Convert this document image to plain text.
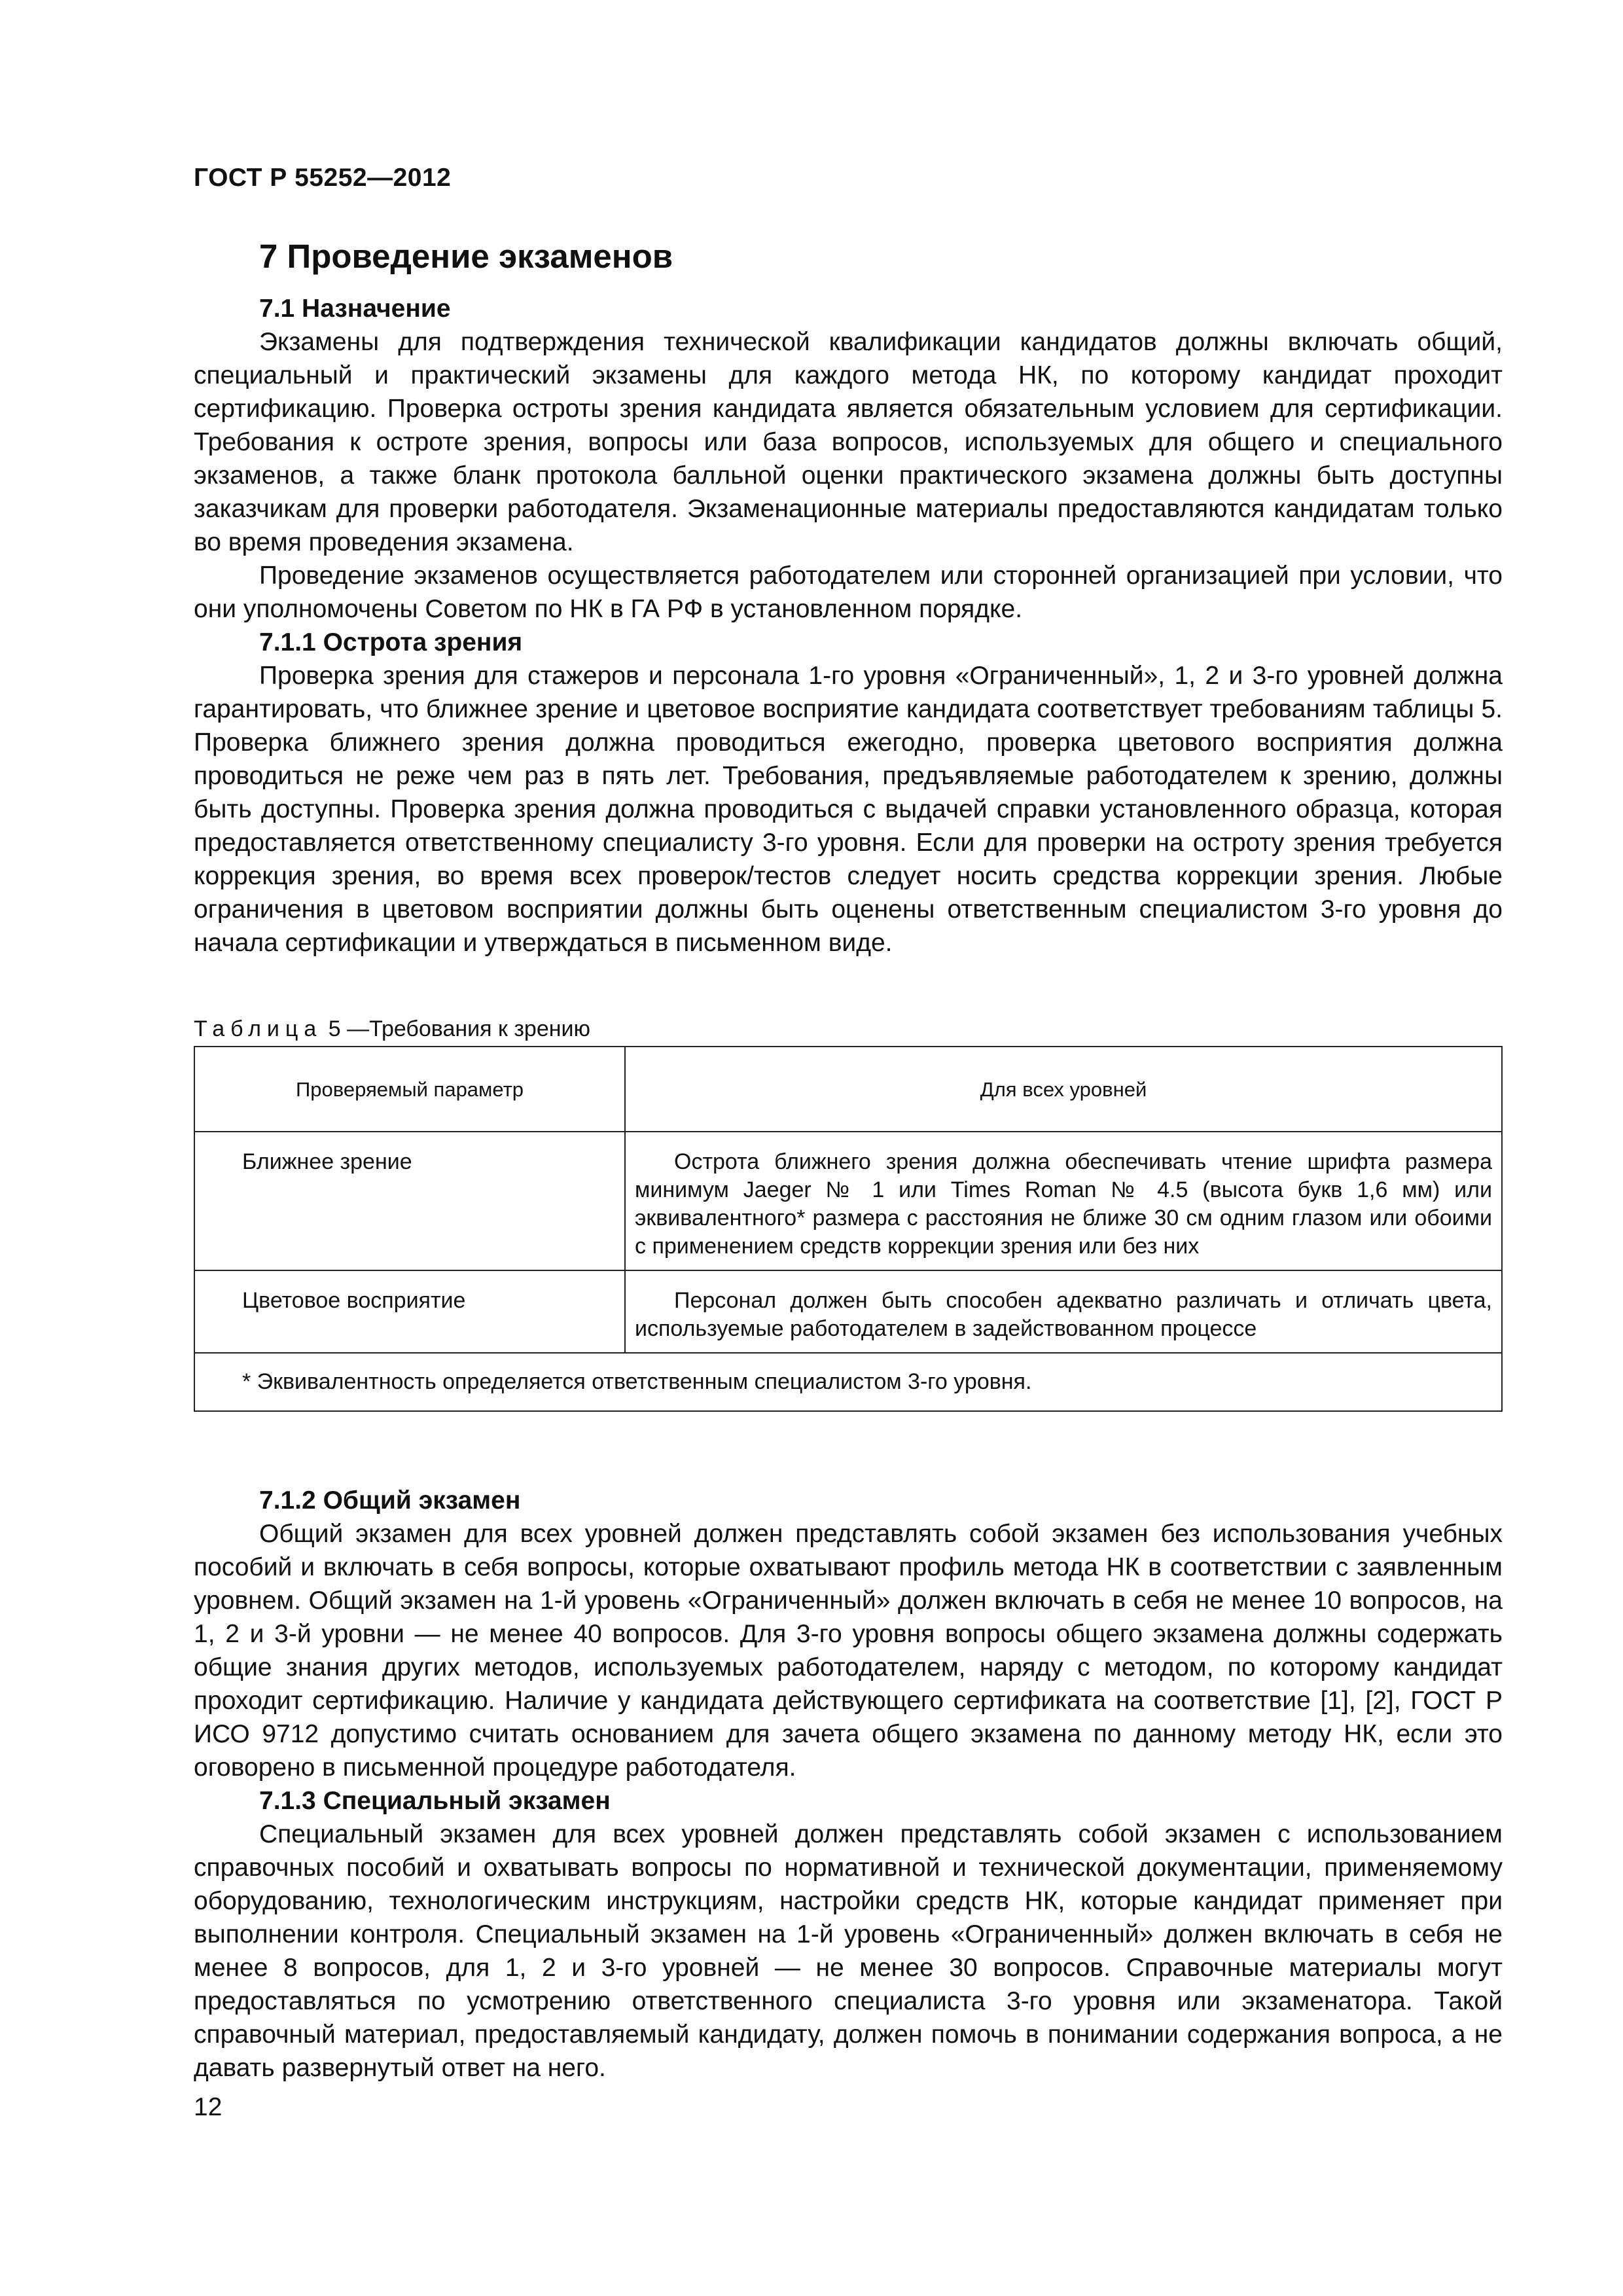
ГОСТ Р 55252—2012
7 Проведение экзаменов
7.1 Назначение

Экзамены для подтверждения технической квалификации кандидатов должны включать общий, специальный и практический экзамены для каждого метода НК, по которому кандидат проходит сертификацию. Проверка остроты зрения кандидата является обязательным условием для сертификации. Требования к остроте зрения, вопросы или база вопросов, используемых для общего и специального экзаменов, а также бланк протокола балльной оценки практического экзамена должны быть доступны заказчикам для проверки работодателя. Экзаменационные материалы предоставляются кандидатам только во время проведения экзамена.

Проведение экзаменов осуществляется работодателем или сторонней организацией при условии, что они уполномочены Советом по НК в ГА РФ в установленном порядке.

7.1.1 Острота зрения

Проверка зрения для стажеров и персонала 1-го уровня «Ограниченный», 1, 2 и 3-го уровней должна гарантировать, что ближнее зрение и цветовое восприятие кандидата соответствует требованиям таблицы 5. Проверка ближнего зрения должна проводиться ежегодно, проверка цветового восприятия должна проводиться не реже чем раз в пять лет. Требования, предъявляемые работодателем к зрению, должны быть доступны. Проверка зрения должна проводиться с выдачей справки установленного образца, которая предоставляется ответственному специалисту 3-го уровня. Если для проверки на остроту зрения требуется коррекция зрения, во время всех проверок/тестов следует носить средства коррекции зрения. Любые ограничения в цветовом восприятии должны быть оценены ответственным специалистом 3-го уровня до начала сертификации и утверждаться в письменном виде.

Таблица 5 —Требования к зрению
Проверяемый параметр	Для всех уровней
Ближнее зрение	Острота ближнего зрения должна обеспечивать чтение шрифта размера минимум Jaeger № 1 или Times Roman № 4.5 (высота букв 1,6 мм) или эквивалентного* размера с расстояния не ближе 30 см одним глазом или обоими с применением средств коррекции зрения или без них
Цветовое восприятие	Персонал должен быть способен адекватно различать и отличать цвета, используемые работодателем в задействованном процессе
* Эквивалентность определяется ответственным специалистом 3-го уровня.	
7.1.2 Общий экзамен

Общий экзамен для всех уровней должен представлять собой экзамен без использования учебных пособий и включать в себя вопросы, которые охватывают профиль метода НК в соответствии с заявленным уровнем. Общий экзамен на 1-й уровень «Ограниченный» должен включать в себя не менее 10 вопросов, на 1, 2 и 3-й уровни — не менее 40 вопросов. Для 3-го уровня вопросы общего экзамена должны содержать общие знания других методов, используемых работодателем, наряду с методом, по которому кандидат проходит сертификацию. Наличие у кандидата действующего сертификата на соответствие [1], [2], ГОСТ Р ИСО 9712 допустимо считать основанием для зачета общего экзамена по данному методу НК, если это оговорено в письменной процедуре работодателя.

7.1.3 Специальный экзамен

Специальный экзамен для всех уровней должен представлять собой экзамен с использованием справочных пособий и охватывать вопросы по нормативной и технической документации, применяемому оборудованию, технологическим инструкциям, настройки средств НК, которые кандидат применяет при выполнении контроля. Специальный экзамен на 1-й уровень «Ограниченный» должен включать в себя не менее 8 вопросов, для 1, 2 и 3-го уровней — не менее 30 вопросов. Справочные материалы могут предоставляться по усмотрению ответственного специалиста 3-го уровня или экзаменатора. Такой справочный материал, предоставляемый кандидату, должен помочь в понимании содержания вопроса, а не давать развернутый ответ на него.

12
